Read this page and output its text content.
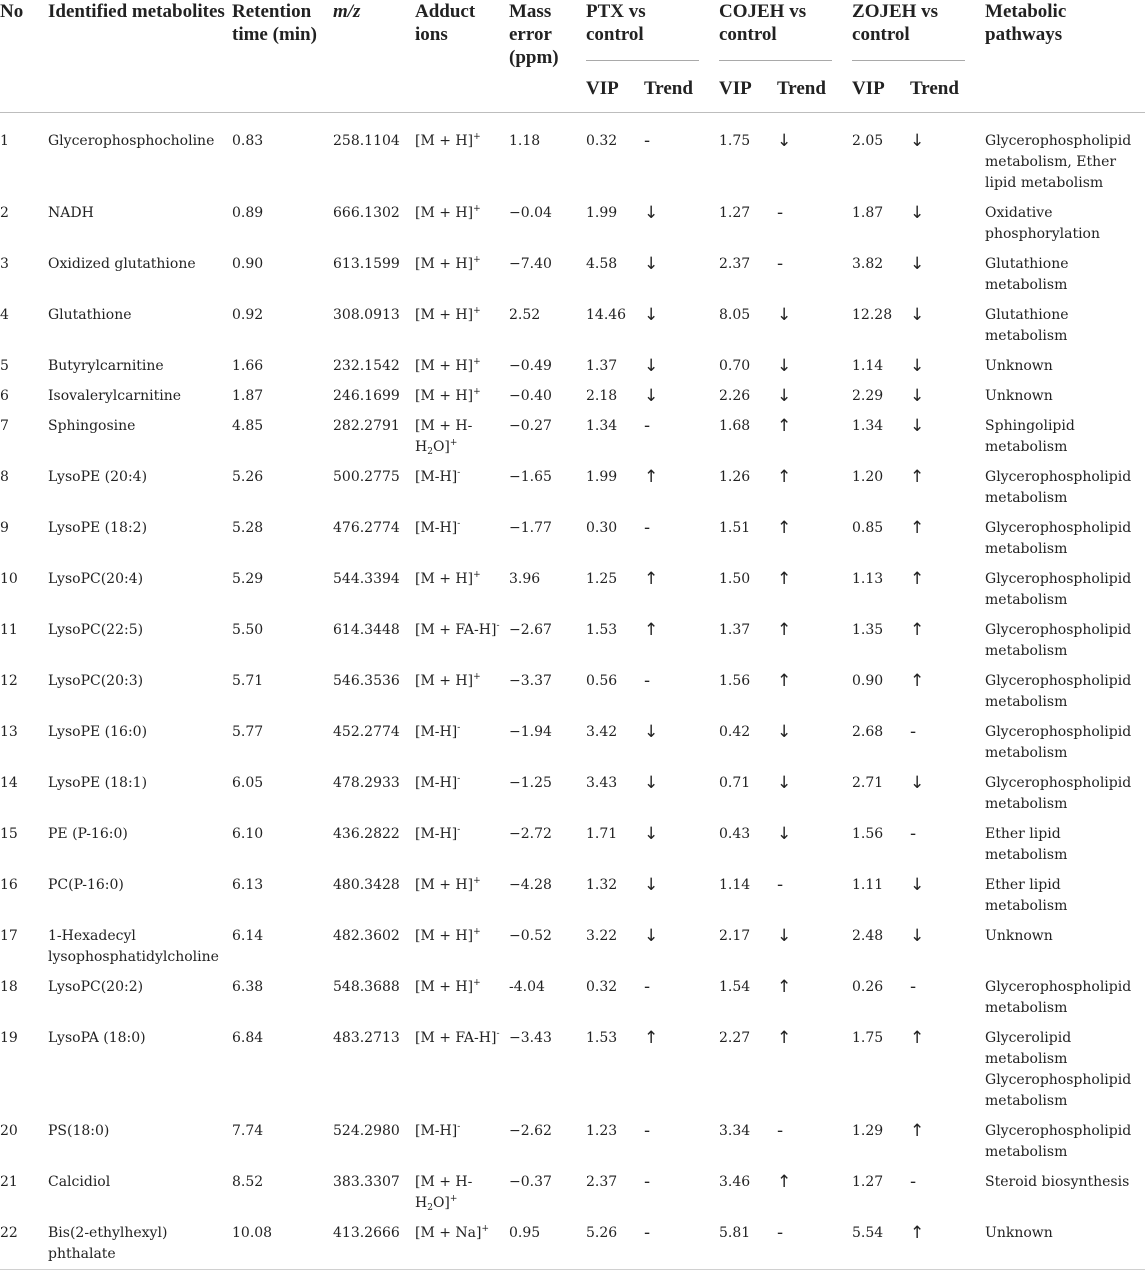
No	Identified metabolites	Retention time (min)	m/z	Adduct ions	Mass error (ppm)	PTX vs control		COJEH vs control		ZOJEH vs control		Metabolic pathways
						VIP	Trend	VIP	Trend	VIP	Trend	
1	Glycerophosphocholine	0.83	258.1104	[M + H]+	1.18	0.32	-	1.75	↓	2.05	↓	Glycerophospholipid metabolism, Ether lipid metabolism
2	NADH	0.89	666.1302	[M + H]+	−0.04	1.99	↓	1.27	-	1.87	↓	Oxidative phosphorylation
3	Oxidized glutathione	0.90	613.1599	[M + H]+	−7.40	4.58	↓	2.37	-	3.82	↓	Glutathione metabolism
4	Glutathione	0.92	308.0913	[M + H]+	2.52	14.46	↓	8.05	↓	12.28	↓	Glutathione metabolism
5	Butyrylcarnitine	1.66	232.1542	[M + H]+	−0.49	1.37	↓	0.70	↓	1.14	↓	Unknown
6	Isovalerylcarnitine	1.87	246.1699	[M + H]+	−0.40	2.18	↓	2.26	↓	2.29	↓	Unknown
7	Sphingosine	4.85	282.2791	$[M + H-H_2O]^+$	−0.27	1.34	-	1.68	↑	1.34	↓	Sphingolipid metabolism
8	LysoPE (20:4)	5.26	500.2775	[M-H]-	−1.65	1.99	↑	1.26	↑	1.20	↑	Glycerophospholipid metabolism
9	LysoPE (18:2)	5.28	476.2774	[M-H]-	−1.77	0.30	-	1.51	↑	0.85	↑	Glycerophospholipid metabolism
10	LysoPC(20:4)	5.29	544.3394	[M + H]+	3.96	1.25	↑	1.50	↑	1.13	↑	Glycerophospholipid metabolism
11	LysoPC(22:5)	5.50	614.3448	[M + FA-H]-	−2.67	1.53	↑	1.37	↑	1.35	↑	Glycerophospholipid metabolism
12	LysoPC(20:3)	5.71	546.3536	[M + H]+	−3.37	0.56	-	1.56	↑	0.90	↑	Glycerophospholipid metabolism
13	LysoPE (16:0)	5.77	452.2774	[M-H]-	−1.94	3.42	↓	0.42	↓	2.68	-	Glycerophospholipid metabolism
14	LysoPE (18:1)	6.05	478.2933	[M-H]-	−1.25	3.43	↓	0.71	↓	2.71	↓	Glycerophospholipid metabolism
15	PE (P-16:0)	6.10	436.2822	[M-H]-	−2.72	1.71	↓	0.43	↓	1.56	-	Ether lipid metabolism
16	PC(P-16:0)	6.13	480.3428	[M + H]+	−4.28	1.32	↓	1.14	-	1.11	↓	Ether lipid metabolism
17	1-Hexadecyl lysophosphatidylcholine	6.14	482.3602	[M + H]+	−0.52	3.22	↓	2.17	↓	2.48	↓	Unknown
18	LysoPC(20:2)	6.38	548.3688	[M + H]+	-4.04	0.32	-	1.54	↑	0.26	-	Glycerophospholipid metabolism
19	LysoPA (18:0)	6.84	483.2713	[M + FA-H]-	−3.43	1.53	↑	2.27	↑	1.75	↑	Glycerolipid metabolism Glycerophospholipid metabolism
20	PS(18:0)	7.74	524.2980	[M-H]-	−2.62	1.23	-	3.34	-	1.29	↑	Glycerophospholipid metabolism
21	Calcidiol	8.52	383.3307	$[M + H-H_2O]^+$	−0.37	2.37	-	3.46	↑	1.27	-	Steroid biosynthesis
22	Bis(2-ethylhexyl) phthalate	10.08	413.2666	[M + Na]+	0.95	5.26	-	5.81	-	5.54	↑	Unknown
